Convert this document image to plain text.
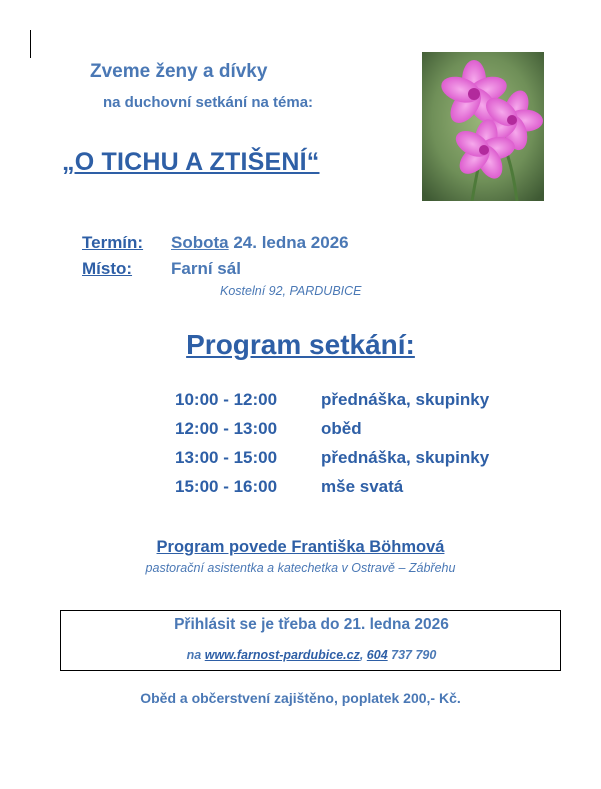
Zveme ženy a dívky
na duchovní setkání na téma:
„O TICHU A ZTIŠENÍ“
Termín: Sobota 24. ledna 2026
Místo: Farní sál
Kostelní 92, PARDUBICE
Program setkání:
10:00 - 12:00	přednáška, skupinky
12:00 - 13:00	oběd
13:00 - 15:00	přednáška, skupinky
15:00 - 16:00	mše svatá
Program povede Františka Böhmová
pastorační asistentka a katechetka v Ostravě – Zábřehu
Přihlásit se je třeba do 21. ledna 2026
na www.farnost-pardubice.cz, 604 737 790
Oběd a občerstvení zajištěno, poplatek 200,- Kč.
